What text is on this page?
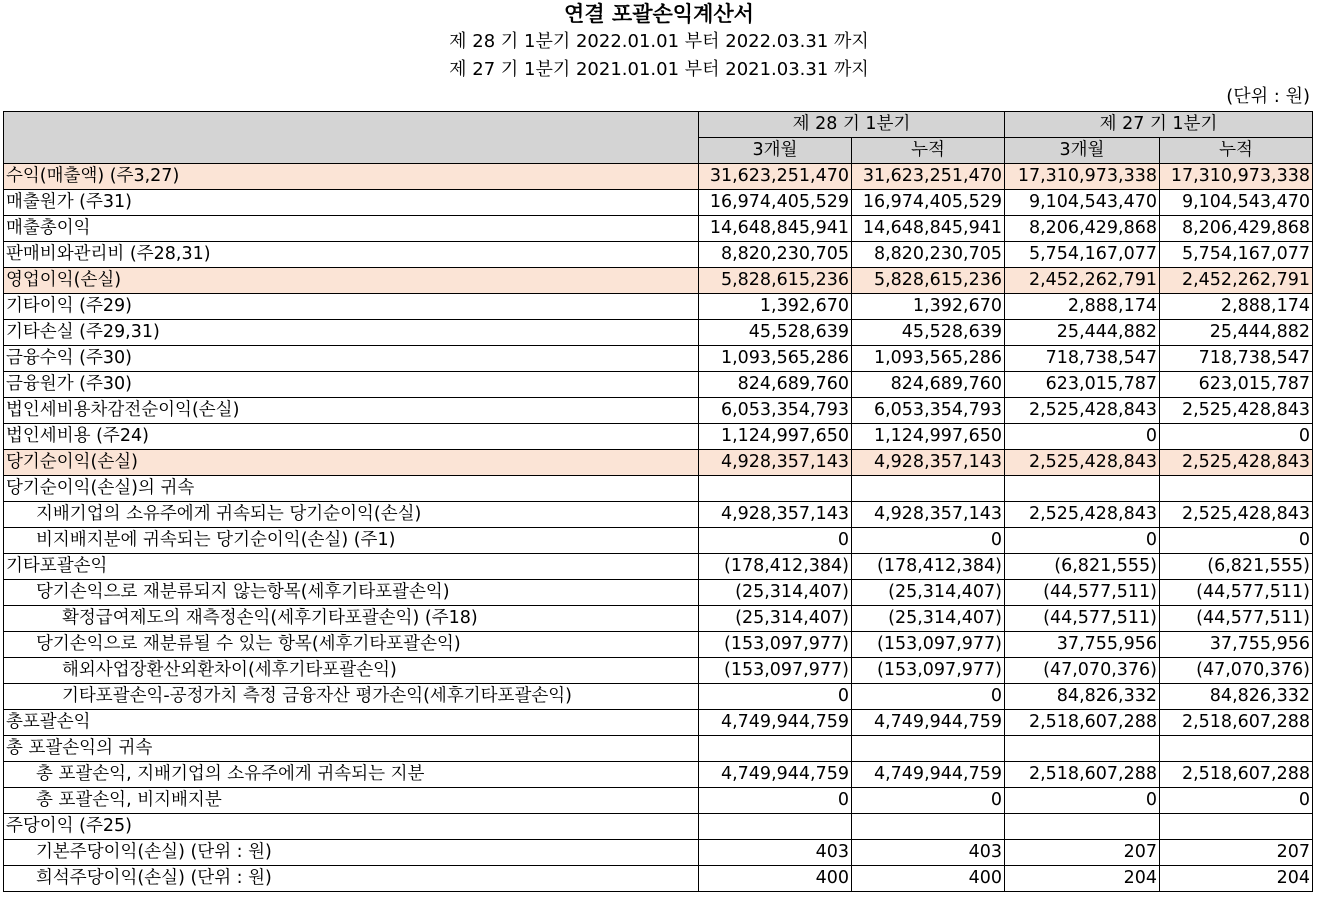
연결 포괄손익계산서
제 28 기 1분기 2022.01.01 부터 2022.03.31 까지
제 27 기 1분기 2021.01.01 부터 2021.03.31 까지
(단위 : 원)
	제 28 기 1분기		제 27 기 1분기	
	3개월	누적	3개월	누적
수익(매출액) (주3,27)	31,623,251,470	31,623,251,470	17,310,973,338	17,310,973,338
매출원가 (주31)	16,974,405,529	16,974,405,529	9,104,543,470	9,104,543,470
매출총이익	14,648,845,941	14,648,845,941	8,206,429,868	8,206,429,868
판매비와관리비 (주28,31)	8,820,230,705	8,820,230,705	5,754,167,077	5,754,167,077
영업이익(손실)	5,828,615,236	5,828,615,236	2,452,262,791	2,452,262,791
기타이익 (주29)	1,392,670	1,392,670	2,888,174	2,888,174
기타손실 (주29,31)	45,528,639	45,528,639	25,444,882	25,444,882
금융수익 (주30)	1,093,565,286	1,093,565,286	718,738,547	718,738,547
금융원가 (주30)	824,689,760	824,689,760	623,015,787	623,015,787
법인세비용차감전순이익(손실)	6,053,354,793	6,053,354,793	2,525,428,843	2,525,428,843
법인세비용 (주24)	1,124,997,650	1,124,997,650	0	0
당기순이익(손실)	4,928,357,143	4,928,357,143	2,525,428,843	2,525,428,843
당기순이익(손실)의 귀속				
지배기업의 소유주에게 귀속되는 당기순이익(손실)	4,928,357,143	4,928,357,143	2,525,428,843	2,525,428,843
비지배지분에 귀속되는 당기순이익(손실) (주1)	0	0	0	0
기타포괄손익	(178,412,384)	(178,412,384)	(6,821,555)	(6,821,555)
당기손익으로 재분류되지 않는항목(세후기타포괄손익)	(25,314,407)	(25,314,407)	(44,577,511)	(44,577,511)
확정급여제도의 재측정손익(세후기타포괄손익) (주18)	(25,314,407)	(25,314,407)	(44,577,511)	(44,577,511)
당기손익으로 재분류될 수 있는 항목(세후기타포괄손익)	(153,097,977)	(153,097,977)	37,755,956	37,755,956
해외사업장환산외환차이(세후기타포괄손익)	(153,097,977)	(153,097,977)	(47,070,376)	(47,070,376)
기타포괄손익-공정가치 측정 금융자산 평가손익(세후기타포괄손익)	0	0	84,826,332	84,826,332
총포괄손익	4,749,944,759	4,749,944,759	2,518,607,288	2,518,607,288
총 포괄손익의 귀속				
총 포괄손익, 지배기업의 소유주에게 귀속되는 지분	4,749,944,759	4,749,944,759	2,518,607,288	2,518,607,288
총 포괄손익, 비지배지분	0	0	0	0
주당이익 (주25)				
기본주당이익(손실) (단위 : 원)	403	403	207	207
희석주당이익(손실) (단위 : 원)	400	400	204	204
